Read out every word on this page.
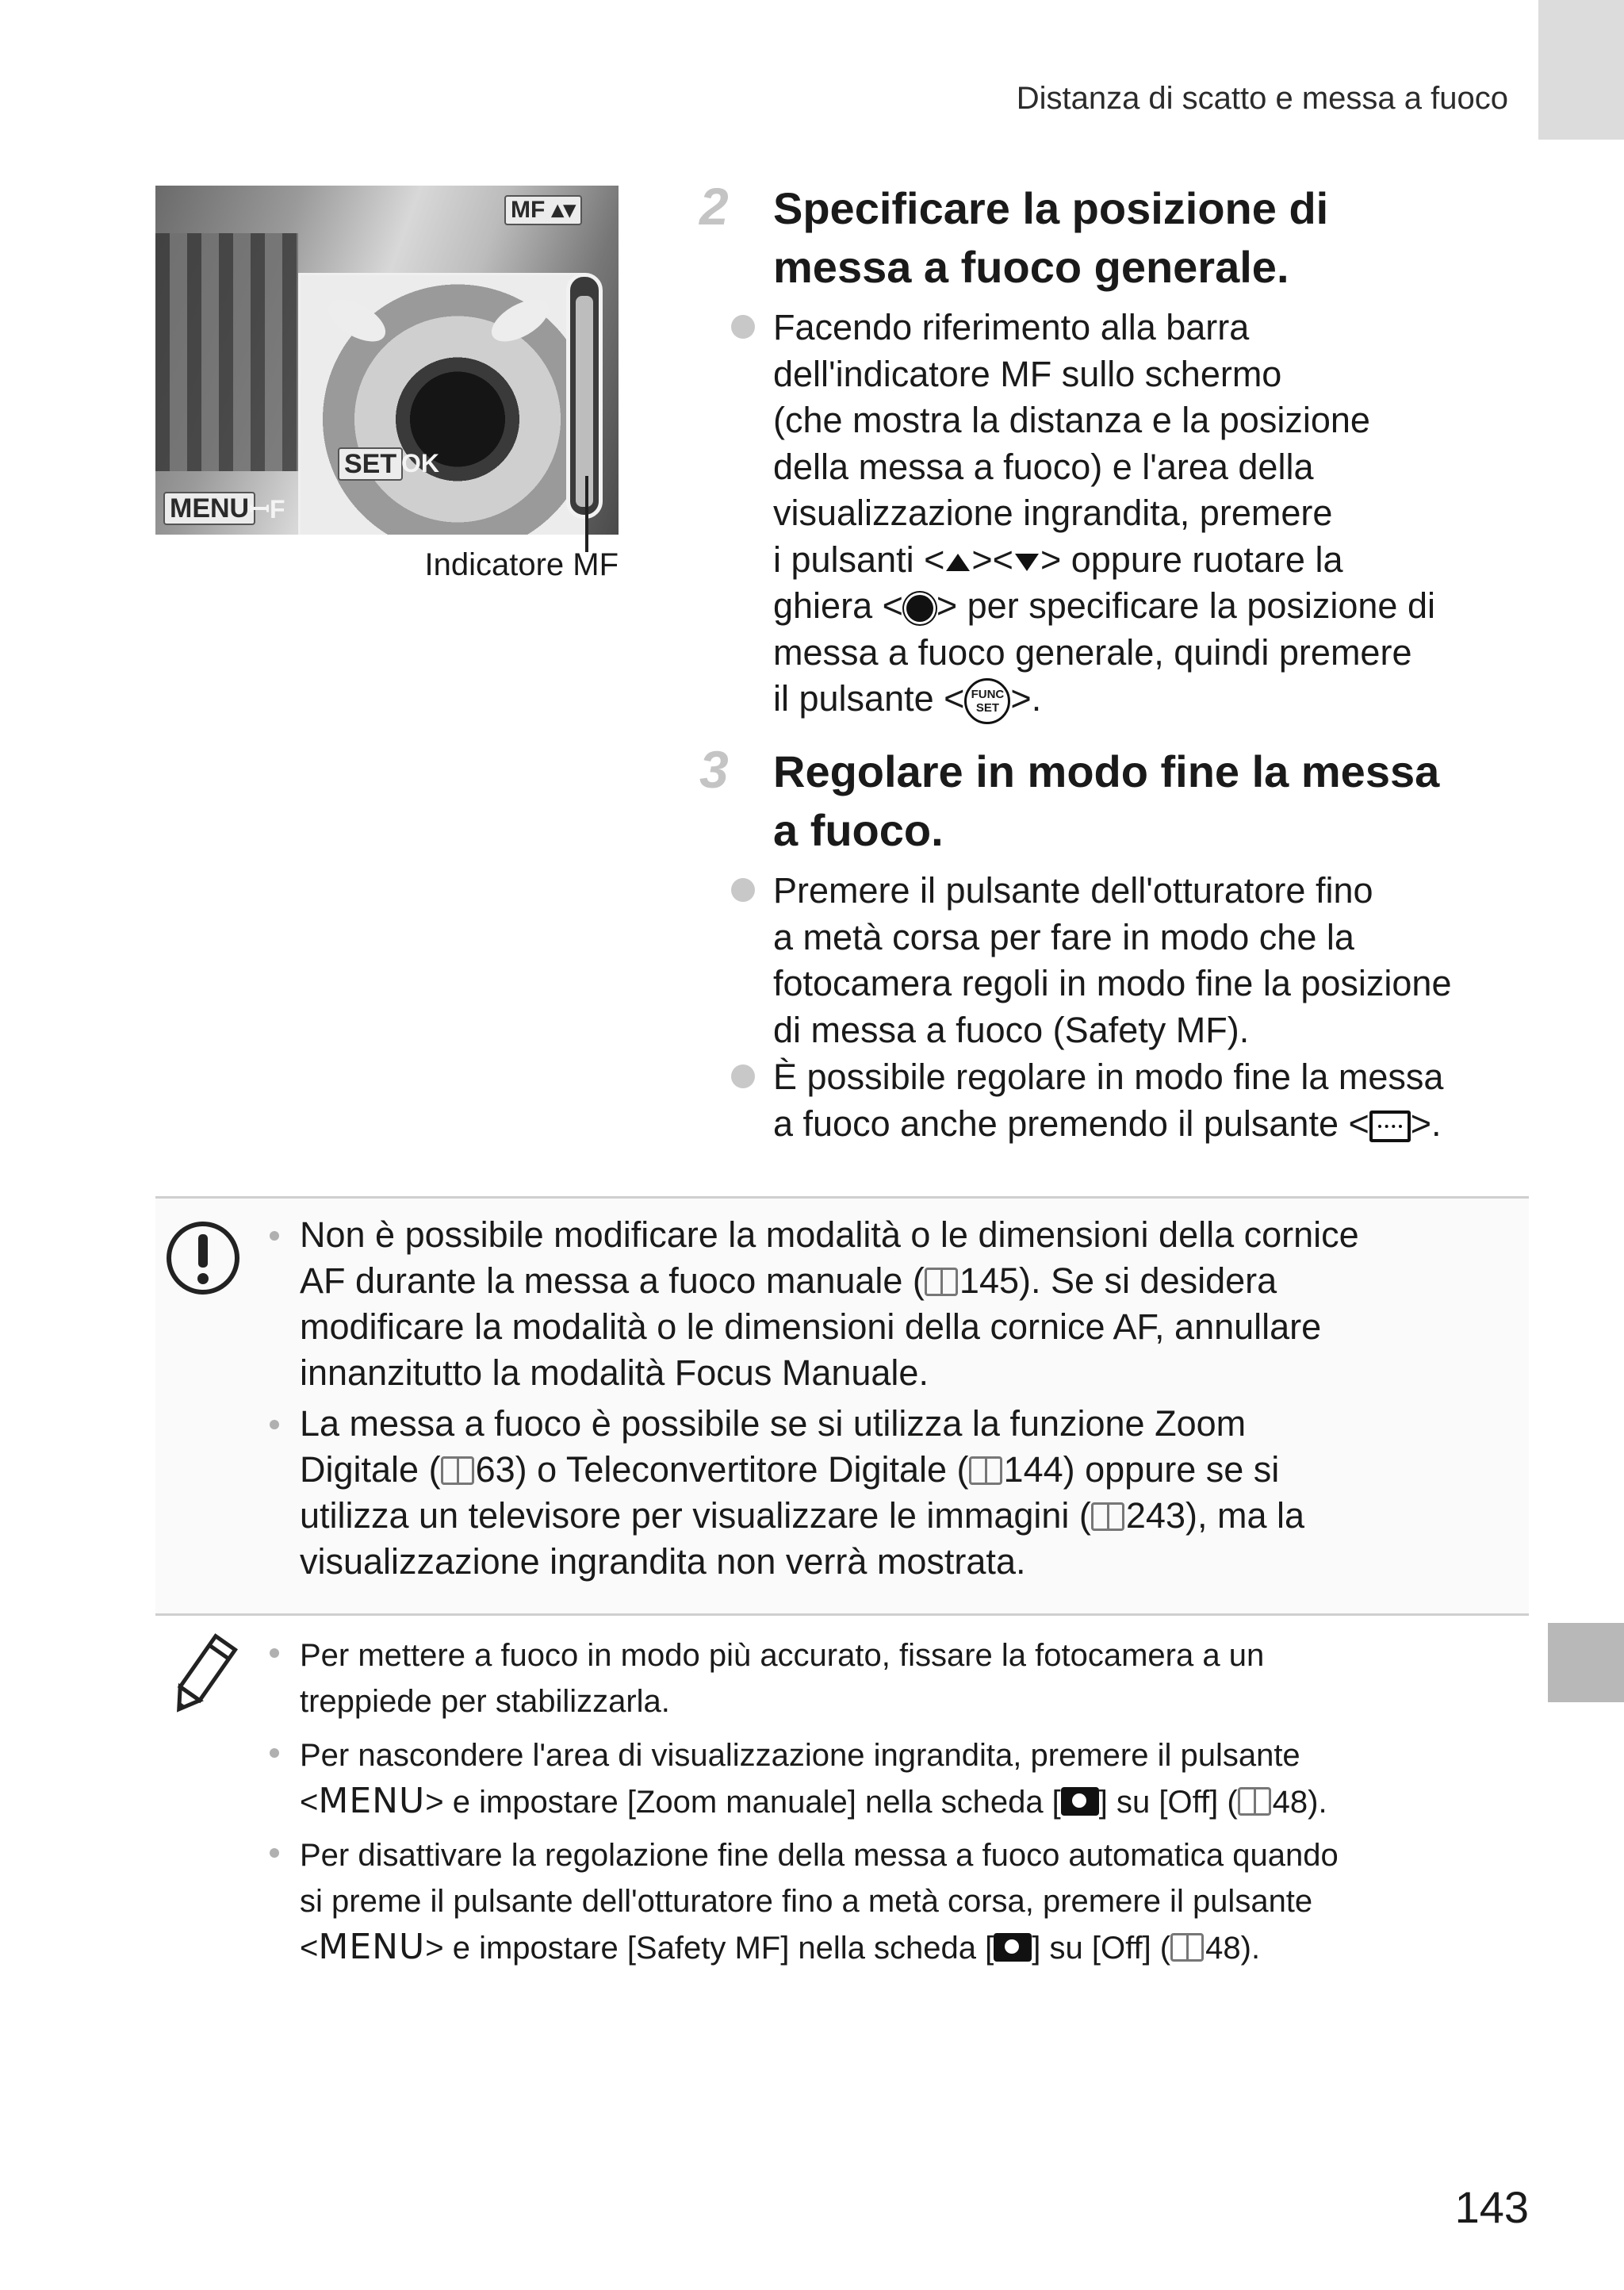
Distanza di scatto e messa a fuoco
MF ▴▾
SET OK
MENU ꟷF
Indicatore MF
2 Specificare la posizione di
messa a fuoco generale.
Facendo riferimento alla barra
dell'indicatore MF sullo schermo
(che mostra la distanza e la posizione
della messa a fuoco) e l'area della
visualizzazione ingrandita, premere
i pulsanti < >< > oppure ruotare la
ghiera < > per specificare la posizione di
messa a fuoco generale, quindi premere
il pulsante < FUNC
SET >.
3 Regolare in modo fine la messa
a fuoco.
Premere il pulsante dell'otturatore fino
a metà corsa per fare in modo che la
fotocamera regoli in modo fine la posizione
di messa a fuoco (Safety MF).
È possibile regolare in modo fine la messa
a fuoco anche premendo il pulsante < >.
Non è possibile modificare la modalità o le dimensioni della cornice
AF durante la messa a fuoco manuale ( 145). Se si desidera
modificare la modalità o le dimensioni della cornice AF, annullare
innanzitutto la modalità Focus Manuale.
La messa a fuoco è possibile se si utilizza la funzione Zoom
Digitale ( 63) o Teleconvertitore Digitale ( 144) oppure se si
utilizza un televisore per visualizzare le immagini ( 243), ma la
visualizzazione ingrandita non verrà mostrata.
Per mettere a fuoco in modo più accurato, fissare la fotocamera a un
treppiede per stabilizzarla.
Per nascondere l'area di visualizzazione ingrandita, premere il pulsante
<MENU> e impostare [Zoom manuale] nella scheda [ ] su [Off] ( 48).
Per disattivare la regolazione fine della messa a fuoco automatica quando
si preme il pulsante dell'otturatore fino a metà corsa, premere il pulsante
<MENU> e impostare [Safety MF] nella scheda [ ] su [Off] ( 48).
143
